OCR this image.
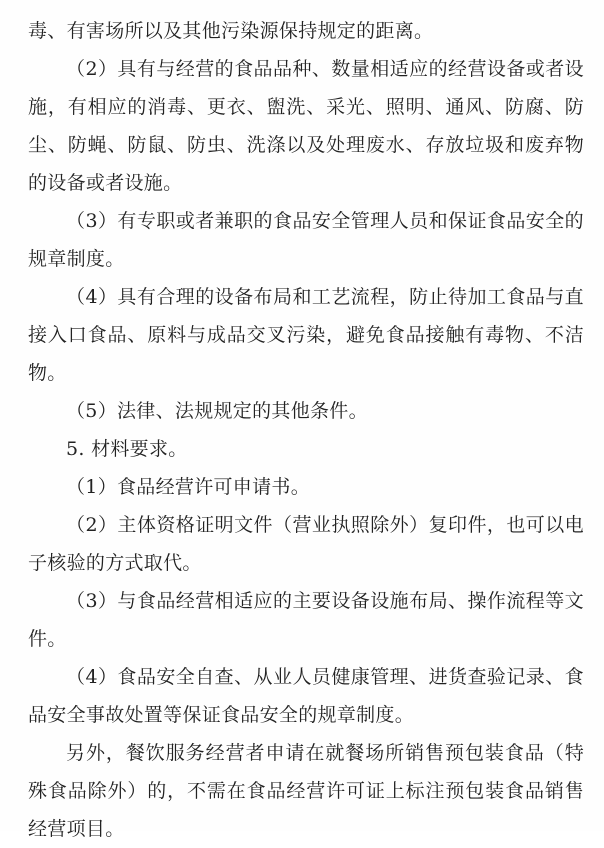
毒、有害场所以及其他污染源保持规定的距离。

（2）具有与经营的食品品种、数量相适应的经营设备或者设施，有相应的消毒、更衣、盥洗、采光、照明、通风、防腐、防尘、防蝇、防鼠、防虫、洗涤以及处理废水、存放垃圾和废弃物的设备或者设施。

（3）有专职或者兼职的食品安全管理人员和保证食品安全的规章制度。

（4）具有合理的设备布局和工艺流程，防止待加工食品与直接入口食品、原料与成品交叉污染，避免食品接触有毒物、不洁物。

（5）法律、法规规定的其他条件。

5. 材料要求。

（1）食品经营许可申请书。

（2）主体资格证明文件（营业执照除外）复印件，也可以电子核验的方式取代。

（3）与食品经营相适应的主要设备设施布局、操作流程等文件。

（4）食品安全自查、从业人员健康管理、进货查验记录、食品安全事故处置等保证食品安全的规章制度。

另外，餐饮服务经营者申请在就餐场所销售预包装食品（特殊食品除外）的，不需在食品经营许可证上标注预包装食品销售经营项目。
